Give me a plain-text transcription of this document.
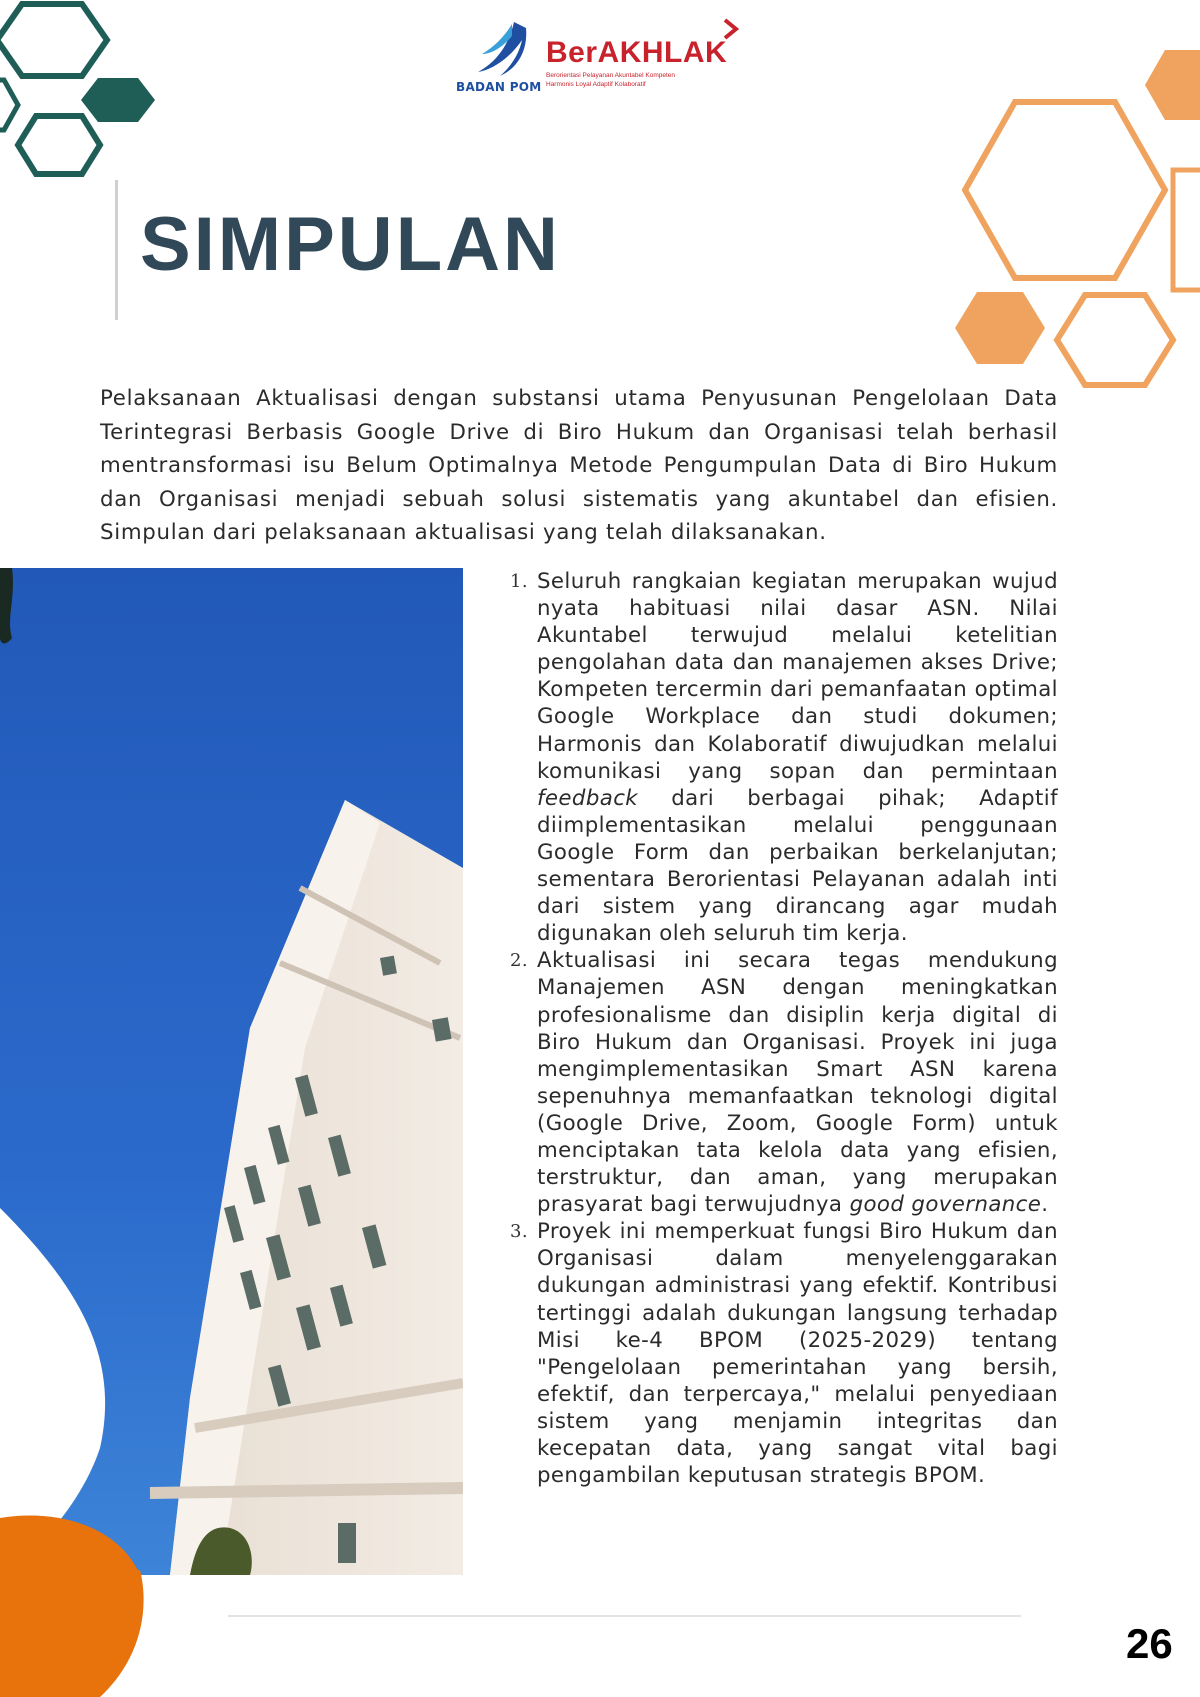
BADAN POM
BerAKHLAK
Berorientasi Pelayanan Akuntabel Kompeten
Harmonis Loyal Adaptif Kolaboratif
SIMPULAN

Pelaksanaan Aktualisasi dengan substansi utama Penyusunan Pengelolaan Data Terintegrasi Berbasis Google Drive di Biro Hukum dan Organisasi telah berhasil mentransformasi isu Belum Optimalnya Metode Pengumpulan Data di Biro Hukum dan Organisasi menjadi sebuah solusi sistematis yang akuntabel dan efisien. Simpulan dari pelaksanaan aktualisasi yang telah dilaksanakan.

1. Seluruh rangkaian kegiatan merupakan wujud nyata habituasi nilai dasar ASN. Nilai Akuntabel terwujud melalui ketelitian pengolahan data dan manajemen akses Drive; Kompeten tercermin dari pemanfaatan optimal Google Workplace dan studi dokumen; Harmonis dan Kolaboratif diwujudkan melalui komunikasi yang sopan dan permintaan feedback dari berbagai pihak; Adaptif diimplementasikan melalui penggunaan Google Form dan perbaikan berkelanjutan; sementara Berorientasi Pelayanan adalah inti dari sistem yang dirancang agar mudah digunakan oleh seluruh tim kerja.
2. Aktualisasi ini secara tegas mendukung Manajemen ASN dengan meningkatkan profesionalisme dan disiplin kerja digital di Biro Hukum dan Organisasi. Proyek ini juga mengimplementasikan Smart ASN karena sepenuhnya memanfaatkan teknologi digital (Google Drive, Zoom, Google Form) untuk menciptakan tata kelola data yang efisien, terstruktur, dan aman, yang merupakan prasyarat bagi terwujudnya good governance.
3. Proyek ini memperkuat fungsi Biro Hukum dan Organisasi dalam menyelenggarakan dukungan administrasi yang efektif. Kontribusi tertinggi adalah dukungan langsung terhadap Misi ke-4 BPOM (2025-2029) tentang "Pengelolaan pemerintahan yang bersih, efektif, dan terpercaya," melalui penyediaan sistem yang menjamin integritas dan kecepatan data, yang sangat vital bagi pengambilan keputusan strategis BPOM.
26
